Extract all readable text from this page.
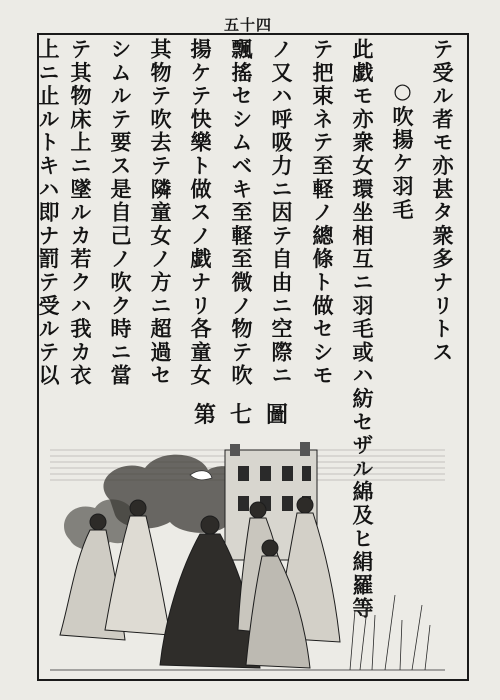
五十四
テ受ル者モ亦甚タ衆多ナリトス
○吹揚ケ羽毛
此戯モ亦衆女環坐相互ニ羽毛或ハ紡セザル綿及ヒ絹羅等
テ把束ネテ至軽ノ總條ト做セシモ
ノ又ハ呼吸力ニ因テ自由ニ空際ニ
飄搖セシムベキ至軽至微ノ物テ吹
揚ケテ快樂ト做スノ戯ナリ各童女
其物テ吹去テ隣童女ノ方ニ超過セ
シムルテ要ス是自己ノ吹ク時ニ當
テ其物床上ニ墜ルカ若クハ我カ衣
上ニ止ルトキハ即ナ罰テ受ルテ以
第七圖
